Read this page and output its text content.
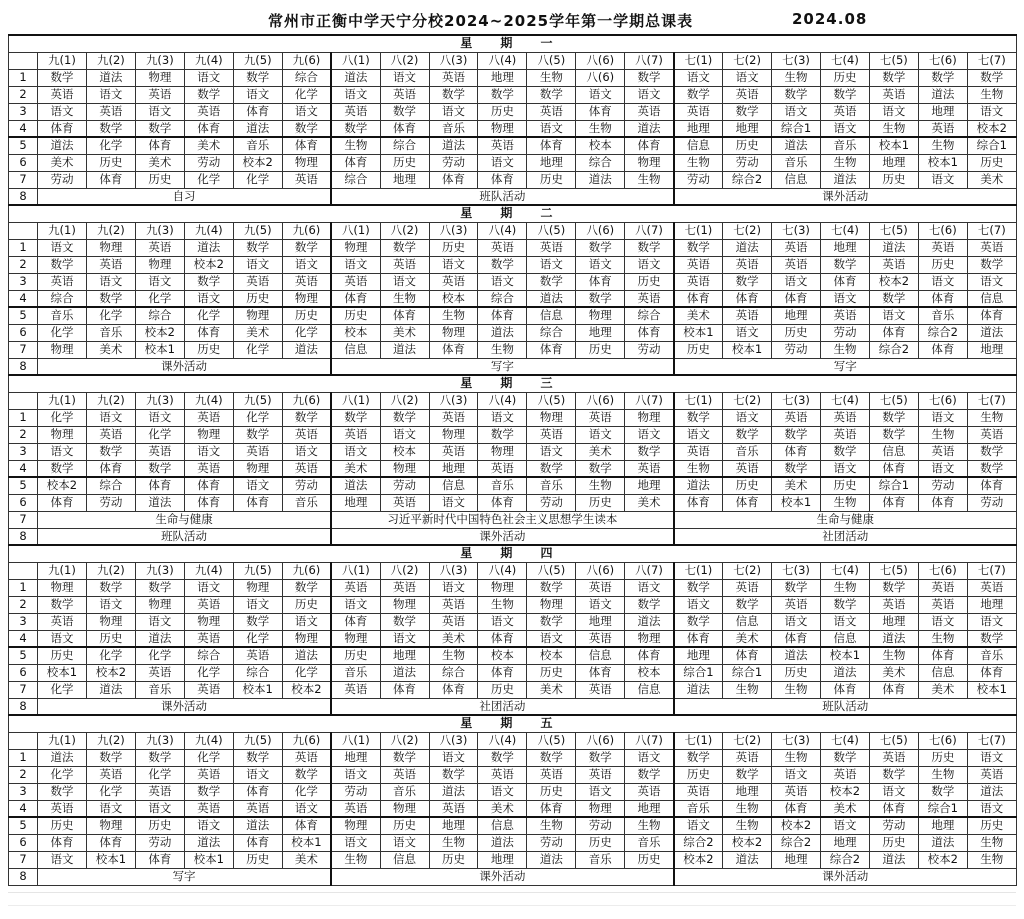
常州市正衡中学天宁分校2024~2025学年第一学期总课表	2024.08
星 期 一																				
	九(1)	九(2)	九(3)	九(4)	九(5)	九(6)	八(1)	八(2)	八(3)	八(4)	八(5)	八(6)	八(7)	七(1)	七(2)	七(3)	七(4)	七(5)	七(6)	七(7)
1	数学	道法	物理	语文	数学	综合	道法	语文	英语	地理	生物	八(6)	数学	语文	语文	生物	历史	数学	数学	数学
2	英语	语文	英语	数学	语文	化学	语文	英语	数学	数学	数学	语文	语文	数学	英语	数学	数学	英语	道法	生物
3	语文	英语	语文	英语	体育	语文	英语	数学	语文	历史	英语	体育	英语	英语	数学	语文	英语	语文	地理	语文
4	体育	数学	数学	体育	道法	数学	数学	体育	音乐	物理	语文	生物	道法	地理	地理	综合1	语文	生物	英语	校本2
5	道法	化学	体育	美术	音乐	体育	生物	综合	道法	英语	体育	校本	体育	信息	历史	道法	音乐	校本1	生物	综合1
6	美术	历史	美术	劳动	校本2	物理	体育	历史	劳动	语文	地理	综合	物理	生物	劳动	音乐	生物	地理	校本1	历史
7	劳动	体育	历史	化学	化学	英语	综合	地理	体育	体育	历史	道法	生物	劳动	综合2	信息	道法	历史	语文	美术
8	自习						班队活动							课外活动						
星 期 二																				
	九(1)	九(2)	九(3)	九(4)	九(5)	九(6)	八(1)	八(2)	八(3)	八(4)	八(5)	八(6)	八(7)	七(1)	七(2)	七(3)	七(4)	七(5)	七(6)	七(7)
1	语文	物理	英语	道法	数学	数学	物理	数学	历史	英语	英语	数学	数学	数学	道法	英语	地理	道法	英语	英语
2	数学	英语	物理	校本2	语文	语文	语文	英语	语文	数学	语文	语文	语文	英语	英语	英语	数学	英语	历史	数学
3	英语	语文	语文	数学	英语	英语	英语	语文	英语	语文	数学	体育	历史	英语	数学	语文	体育	校本2	语文	语文
4	综合	数学	化学	语文	历史	物理	体育	生物	校本	综合	道法	数学	英语	体育	体育	体育	语文	数学	体育	信息
5	音乐	化学	综合	化学	物理	历史	历史	体育	生物	体育	信息	物理	综合	美术	英语	地理	英语	语文	音乐	体育
6	化学	音乐	校本2	体育	美术	化学	校本	美术	物理	道法	综合	地理	体育	校本1	语文	历史	劳动	体育	综合2	道法
7	物理	美术	校本1	历史	化学	道法	信息	道法	体育	生物	体育	历史	劳动	历史	校本1	劳动	生物	综合2	体育	地理
8	课外活动						写字							写字						
星 期 三																				
	九(1)	九(2)	九(3)	九(4)	九(5)	九(6)	八(1)	八(2)	八(3)	八(4)	八(5)	八(6)	八(7)	七(1)	七(2)	七(3)	七(4)	七(5)	七(6)	七(7)
1	化学	语文	语文	英语	化学	数学	数学	数学	英语	语文	物理	英语	物理	数学	语文	英语	英语	数学	语文	生物
2	物理	英语	化学	物理	数学	英语	英语	语文	物理	数学	英语	语文	语文	语文	数学	数学	英语	数学	生物	英语
3	语文	数学	英语	语文	英语	语文	语文	校本	英语	物理	语文	美术	数学	英语	音乐	体育	数学	信息	英语	数学
4	数学	体育	数学	英语	物理	英语	美术	物理	地理	英语	数学	数学	英语	生物	英语	数学	语文	体育	语文	数学
5	校本2	综合	体育	体育	语文	劳动	道法	劳动	信息	音乐	音乐	生物	地理	道法	历史	美术	历史	综合1	劳动	体育
6	体育	劳动	道法	体育	体育	音乐	地理	英语	语文	体育	劳动	历史	美术	体育	体育	校本1	生物	体育	体育	劳动
7	生命与健康						习近平新时代中国特色社会主义思想学生读本							生命与健康						
8	班队活动						课外活动							社团活动						
星 期 四																				
	九(1)	九(2)	九(3)	九(4)	九(5)	九(6)	八(1)	八(2)	八(3)	八(4)	八(5)	八(6)	八(7)	七(1)	七(2)	七(3)	七(4)	七(5)	七(6)	七(7)
1	物理	数学	数学	语文	物理	数学	英语	英语	语文	物理	数学	英语	语文	数学	英语	数学	生物	数学	英语	英语
2	数学	语文	物理	英语	语文	历史	语文	物理	英语	生物	物理	语文	数学	语文	数学	英语	数学	英语	英语	地理
3	英语	物理	语文	物理	数学	语文	体育	数学	英语	语文	数学	地理	道法	数学	信息	语文	语文	地理	语文	语文
4	语文	历史	道法	英语	化学	物理	物理	语文	美术	体育	语文	英语	物理	体育	美术	体育	信息	道法	生物	数学
5	历史	化学	化学	综合	英语	道法	历史	地理	生物	校本	校本	信息	体育	地理	体育	道法	校本1	生物	体育	音乐
6	校本1	校本2	英语	化学	综合	化学	音乐	道法	综合	体育	历史	体育	校本	综合1	综合1	历史	道法	美术	信息	体育
7	化学	道法	音乐	英语	校本1	校本2	英语	体育	体育	历史	美术	英语	信息	道法	生物	生物	体育	体育	美术	校本1
8	课外活动						社团活动							班队活动						
星 期 五																				
	九(1)	九(2)	九(3)	九(4)	九(5)	九(6)	八(1)	八(2)	八(3)	八(4)	八(5)	八(6)	八(7)	七(1)	七(2)	七(3)	七(4)	七(5)	七(6)	七(7)
1	道法	数学	数学	化学	数学	英语	地理	数学	语文	数学	数学	数学	语文	数学	英语	生物	数学	英语	历史	语文
2	化学	英语	化学	英语	语文	数学	语文	英语	数学	英语	英语	英语	数学	历史	数学	语文	英语	数学	生物	英语
3	数学	化学	英语	数学	体育	化学	劳动	音乐	道法	语文	历史	语文	英语	英语	地理	英语	校本2	语文	数学	道法
4	英语	语文	语文	英语	英语	语文	英语	物理	英语	美术	体育	物理	地理	音乐	生物	体育	美术	体育	综合1	语文
5	历史	物理	历史	语文	道法	体育	物理	历史	地理	信息	生物	劳动	生物	语文	生物	校本2	语文	劳动	地理	历史
6	体育	体育	劳动	道法	体育	校本1	语文	语文	生物	道法	劳动	历史	音乐	综合2	校本2	综合2	地理	历史	道法	生物
7	语文	校本1	体育	校本1	历史	美术	生物	信息	历史	地理	道法	音乐	历史	校本2	道法	地理	综合2	道法	校本2	生物
8	写字						课外活动							课外活动						
